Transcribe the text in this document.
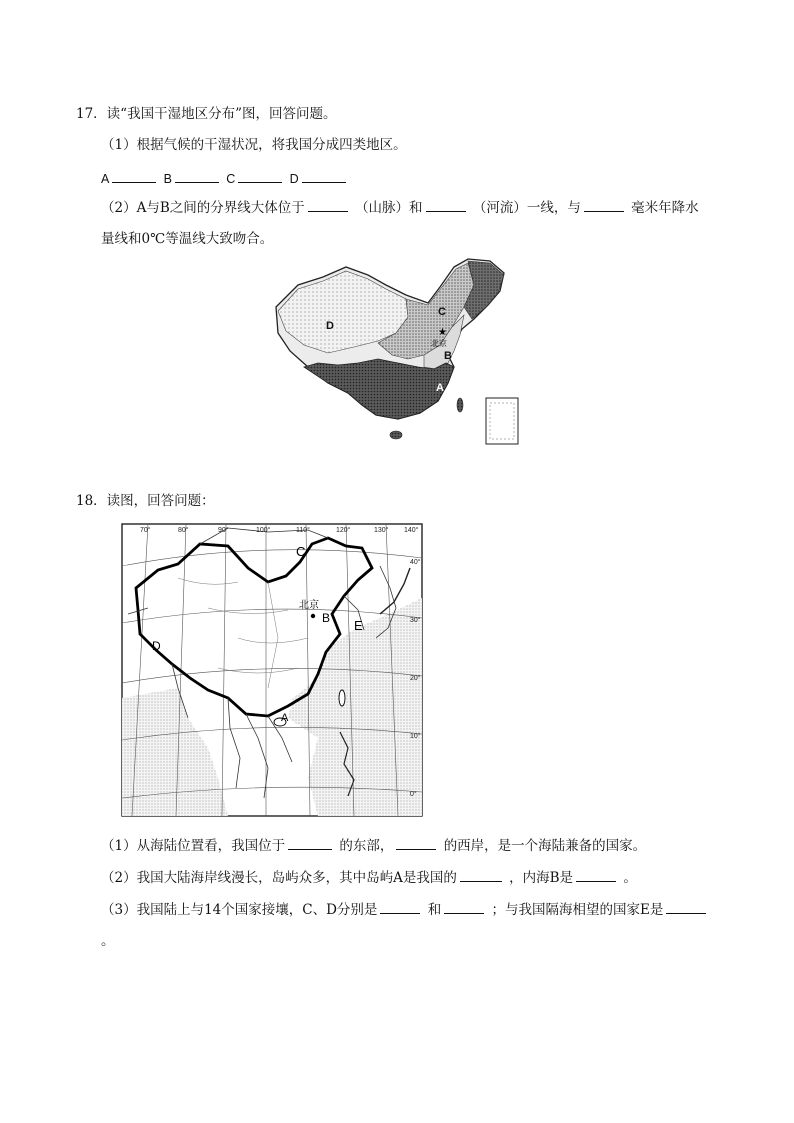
17．读“我国干湿地区分布”图，回答问题。
（1）根据气候的干湿状况，将我国分成四类地区。
A	B	C	D
（2）A与B之间的分界线大体位于	（山脉）和	（河流）一线，与	毫米年降水
量线和0℃等温线大致吻合。
D
C
B
A
★
北京
18．读图，回答问题：
C
北京
B E
D
A
70°	80°	90°	100°	110°	120°	130° 140°
40°
30°
20°
10°
0°
（1）从海陆位置看，我国位于	的东部，	的西岸，是一个海陆兼备的国家。
（2）我国大陆海岸线漫长，岛屿众多，其中岛屿A是我国的	，内海B是	。
（3）我国陆上与14个国家接壤，C、D分别是	和	；与我国隔海相望的国家E是
。
